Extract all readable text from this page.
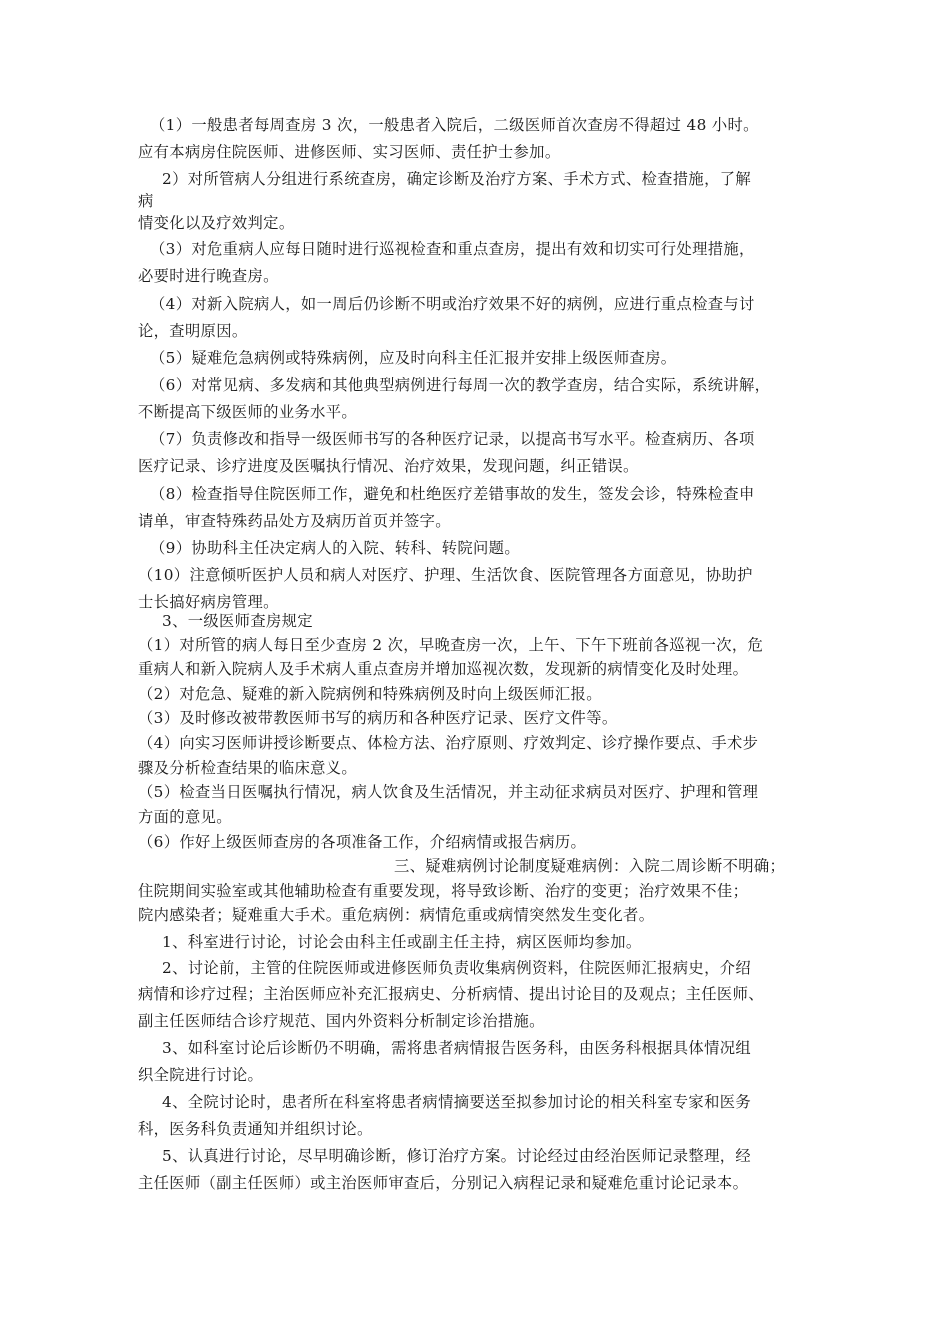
（1）一般患者每周查房 3 次，一般患者入院后，二级医师首次查房不得超过 48 小时。
应有本病房住院医师、进修医师、实习医师、责任护士参加。
2）对所管病人分组进行系统查房，确定诊断及治疗方案、手术方式、检查措施，了解
病
情变化以及疗效判定。
（3）对危重病人应每日随时进行巡视检查和重点查房，提出有效和切实可行处理措施，
必要时进行晚查房。
（4）对新入院病人，如一周后仍诊断不明或治疗效果不好的病例，应进行重点检查与讨
论，查明原因。
（5）疑难危急病例或特殊病例，应及时向科主任汇报并安排上级医师查房。
（6）对常见病、多发病和其他典型病例进行每周一次的教学查房，结合实际，系统讲解，
不断提高下级医师的业务水平。
（7）负责修改和指导一级医师书写的各种医疗记录，以提高书写水平。检查病历、各项
医疗记录、诊疗进度及医嘱执行情况、治疗效果，发现问题，纠正错误。
（8）检查指导住院医师工作，避免和杜绝医疗差错事故的发生，签发会诊，特殊检查申
请单，审查特殊药品处方及病历首页并签字。
（9）协助科主任决定病人的入院、转科、转院问题。
（10）注意倾听医护人员和病人对医疗、护理、生活饮食、医院管理各方面意见，协助护
士长搞好病房管理。
3、一级医师查房规定
（1）对所管的病人每日至少查房 2 次，早晚查房一次，上午、下午下班前各巡视一次，危
重病人和新入院病人及手术病人重点查房并增加巡视次数，发现新的病情变化及时处理。
（2）对危急、疑难的新入院病例和特殊病例及时向上级医师汇报。
（3）及时修改被带教医师书写的病历和各种医疗记录、医疗文件等。
（4）向实习医师讲授诊断要点、体检方法、治疗原则、疗效判定、诊疗操作要点、手术步
骤及分析检查结果的临床意义。
（5）检查当日医嘱执行情况，病人饮食及生活情况，并主动征求病员对医疗、护理和管理
方面的意见。
（6）作好上级医师查房的各项准备工作，介绍病情或报告病历。
三、疑难病例讨论制度疑难病例：入院二周诊断不明确；
住院期间实验室或其他辅助检查有重要发现，将导致诊断、治疗的变更；治疗效果不佳；
院内感染者；疑难重大手术。重危病例：病情危重或病情突然发生变化者。
1、科室进行讨论，讨论会由科主任或副主任主持，病区医师均参加。
2、讨论前，主管的住院医师或进修医师负责收集病例资料，住院医师汇报病史，介绍
病情和诊疗过程；主治医师应补充汇报病史、分析病情、提出讨论目的及观点；主任医师、
副主任医师结合诊疗规范、国内外资料分析制定诊治措施。
3、如科室讨论后诊断仍不明确，需将患者病情报告医务科，由医务科根据具体情况组
织全院进行讨论。
4、全院讨论时，患者所在科室将患者病情摘要送至拟参加讨论的相关科室专家和医务
科，医务科负责通知并组织讨论。
5、认真进行讨论，尽早明确诊断，修订治疗方案。讨论经过由经治医师记录整理，经
主任医师（副主任医师）或主治医师审查后，分别记入病程记录和疑难危重讨论记录本。
